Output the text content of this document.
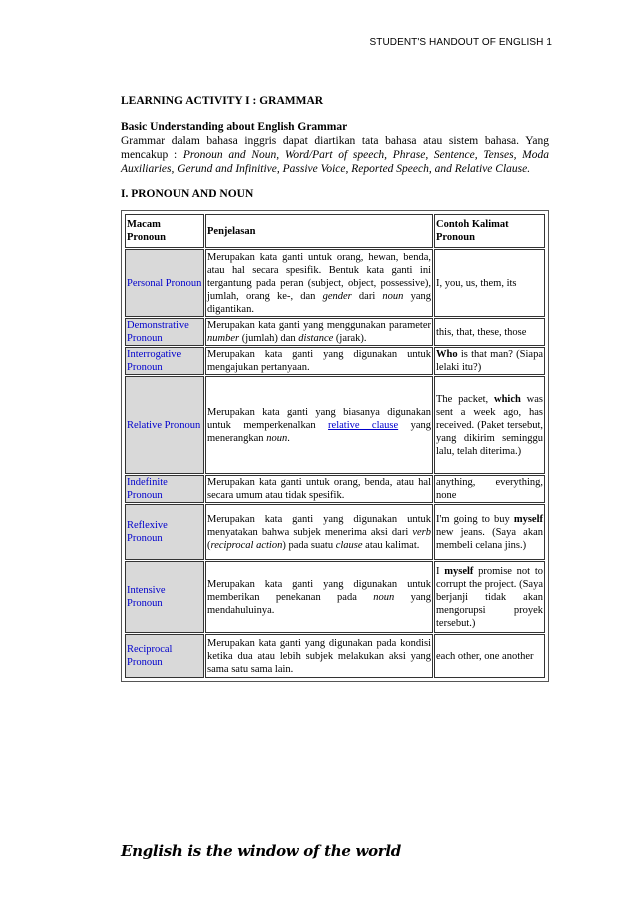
STUDENT'S HANDOUT OF ENGLISH 1

LEARNING ACTIVITY I : GRAMMAR

Basic Understanding about English Grammar

Grammar dalam bahasa inggris dapat diartikan tata bahasa atau sistem bahasa. Yang mencakup : Pronoun and Noun, Word/Part of speech, Phrase, Sentence, Tenses, Moda Auxiliaries, Gerund and Infinitive, Passive Voice, Reported Speech, and Relative Clause.

I. PRONOUN AND NOUN

Macam Pronoun	Penjelasan	Contoh Kalimat Pronoun
Personal Pronoun	Merupakan kata ganti untuk orang, hewan, benda, atau hal secara spesifik. Bentuk kata ganti ini tergantung pada peran (subject, object, possessive), jumlah, orang ke-, dan gender dari noun yang digantikan.	I, you, us, them, its
Demonstrative Pronoun	Merupakan kata ganti yang menggunakan parameter number (jumlah) dan distance (jarak).	this, that, these, those
Interrogative Pronoun	Merupakan kata ganti yang digunakan untuk mengajukan pertanyaan.	Who is that man? (Siapa lelaki itu?)
Relative Pronoun	Merupakan kata ganti yang biasanya digunakan untuk memperkenalkan relative clause yang menerangkan noun.	The packet, which was sent a week ago, has received. (Paket tersebut, yang dikirim seminggu lalu, telah diterima.)
Indefinite Pronoun	Merupakan kata ganti untuk orang, benda, atau hal secara umum atau tidak spesifik.	anything, everything, none
Reflexive Pronoun	Merupakan kata ganti yang digunakan untuk menyatakan bahwa subjek menerima aksi dari verb (reciprocal action) pada suatu clause atau kalimat.	I'm going to buy myself new jeans. (Saya akan membeli celana jins.)
Intensive Pronoun	Merupakan kata ganti yang digunakan untuk memberikan penekanan pada noun yang mendahuluinya.	I myself promise not to corrupt the project. (Saya berjanji tidak akan mengorupsi proyek tersebut.)
Reciprocal Pronoun	Merupakan kata ganti yang digunakan pada kondisi ketika dua atau lebih subjek melakukan aksi yang sama satu sama lain.	each other, one another
English is the window of the world
